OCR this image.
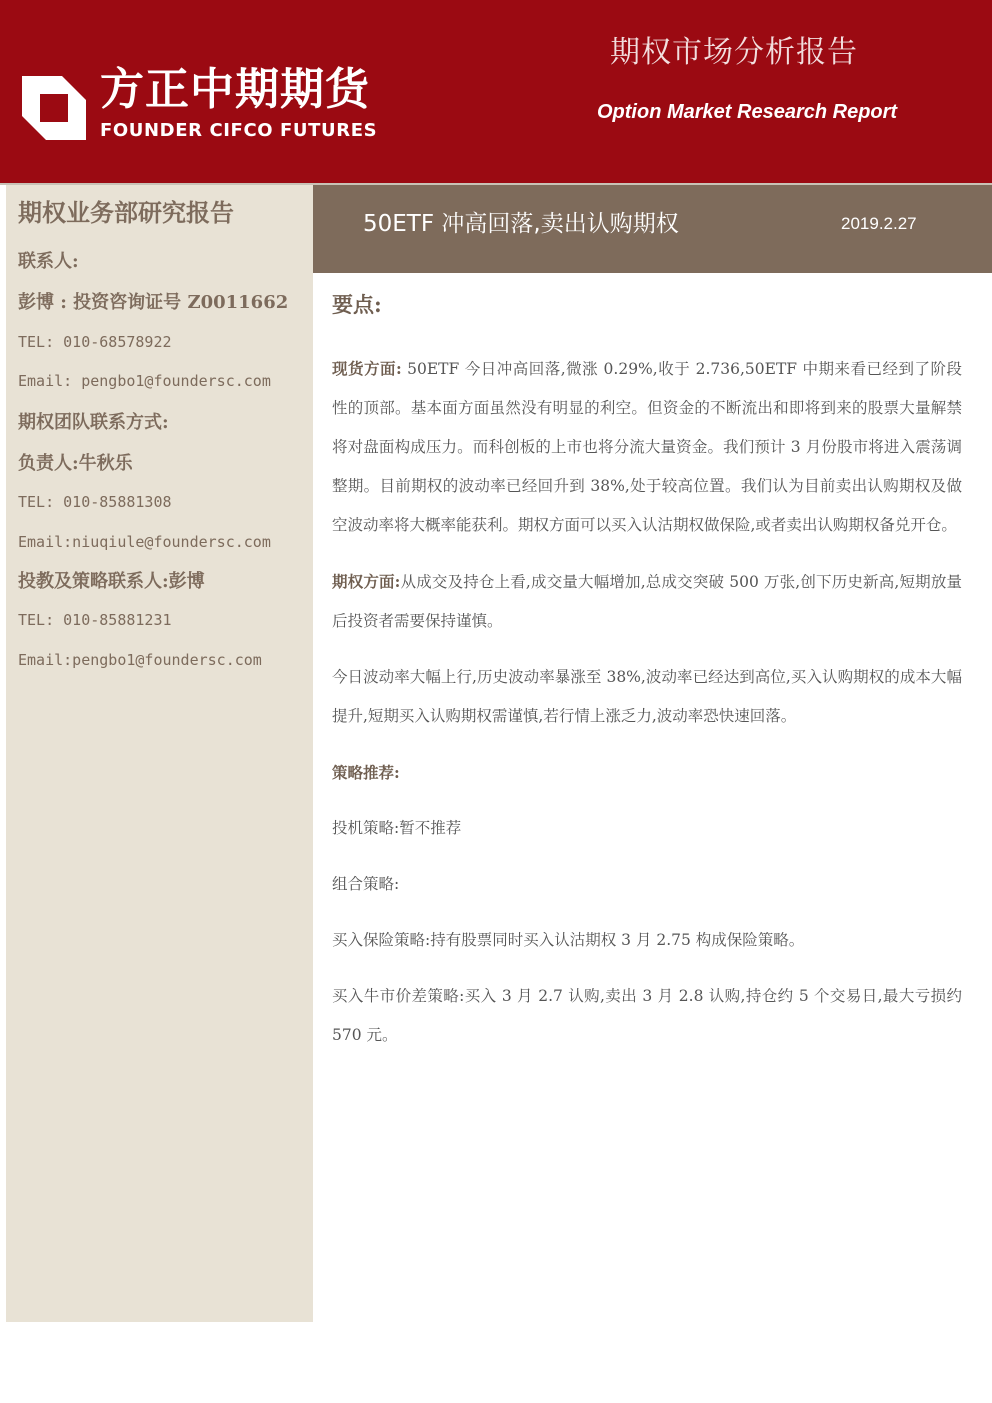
方正中期期货
FOUNDER CIFCO FUTURES
期权市场分析报告
Option Market Research Report
期权业务部研究报告
联系人:
彭博 : 投资咨询证号 Z0011662
TEL: 010-68578922
Email: pengbo1@foundersc.com
期权团队联系方式:
负责人:牛秋乐
TEL: 010-85881308
Email:niuqiule@foundersc.com
投教及策略联系人:彭博
TEL: 010-85881231
Email:pengbo1@foundersc.com
50ETF 冲高回落,卖出认购期权	2019.2.27
要点:

现货方面: 50ETF 今日冲高回落,微涨 0.29%,收于 2.736,50ETF 中期来看已经到了阶段性的顶部。基本面方面虽然没有明显的利空。但资金的不断流出和即将到来的股票大量解禁将对盘面构成压力。而科创板的上市也将分流大量资金。我们预计 3 月份股市将进入震荡调整期。目前期权的波动率已经回升到 38%,处于较高位置。我们认为目前卖出认购期权及做空波动率将大概率能获利。期权方面可以买入认沽期权做保险,或者卖出认购期权备兑开仓。

期权方面:从成交及持仓上看,成交量大幅增加,总成交突破 500 万张,创下历史新高,短期放量后投资者需要保持谨慎。

今日波动率大幅上行,历史波动率暴涨至 38%,波动率已经达到高位,买入认购期权的成本大幅提升,短期买入认购期权需谨慎,若行情上涨乏力,波动率恐快速回落。

策略推荐:

投机策略:暂不推荐

组合策略:

买入保险策略:持有股票同时买入认沽期权 3 月 2.75 构成保险策略。

买入牛市价差策略:买入 3 月 2.7 认购,卖出 3 月 2.8 认购,持仓约 5 个交易日,最大亏损约 570 元。
